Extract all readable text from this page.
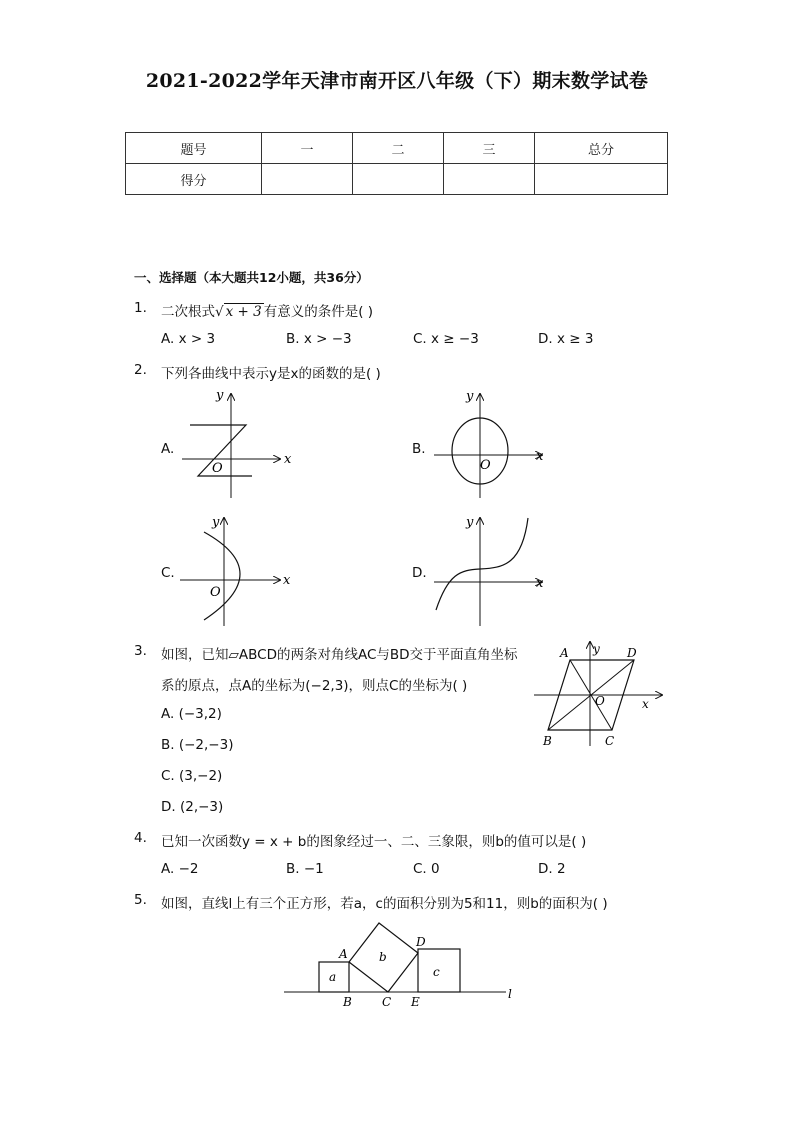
2021-2022学年天津市南开区八年级（下）期末数学试卷
题号	一	二	三	总分
得分				
一、选择题（本大题共12小题，共36分）
1. 二次根式√ x + 3 有意义的条件是( )
A. x > 3	B. x > −3	C. x ≥ −3	D. x ≥ 3
2. 下列各曲线中表示y是x的函数的是( )
A.	B.
C.	D.
y
x
O
y
x
O
y
x
O
y
x
3. 如图，已知▱ABCD的两条对角线AC与BD交于平面直角坐标
系的原点，点A的坐标为(−2,3)，则点C的坐标为( )
A. (−3,2)
B. (−2,−3)
C. (3,−2)
D. (2,−3)
A	D
B	C
O
y
x
4. 已知一次函数y = x + b的图象经过一、二、三象限，则b的值可以是( )
A. −2	B. −1	C. 0	D. 2
5. 如图，直线l上有三个正方形，若a，c的面积分别为5和11，则b的面积为( )
a
b
c
A
B	C
D
E
l
